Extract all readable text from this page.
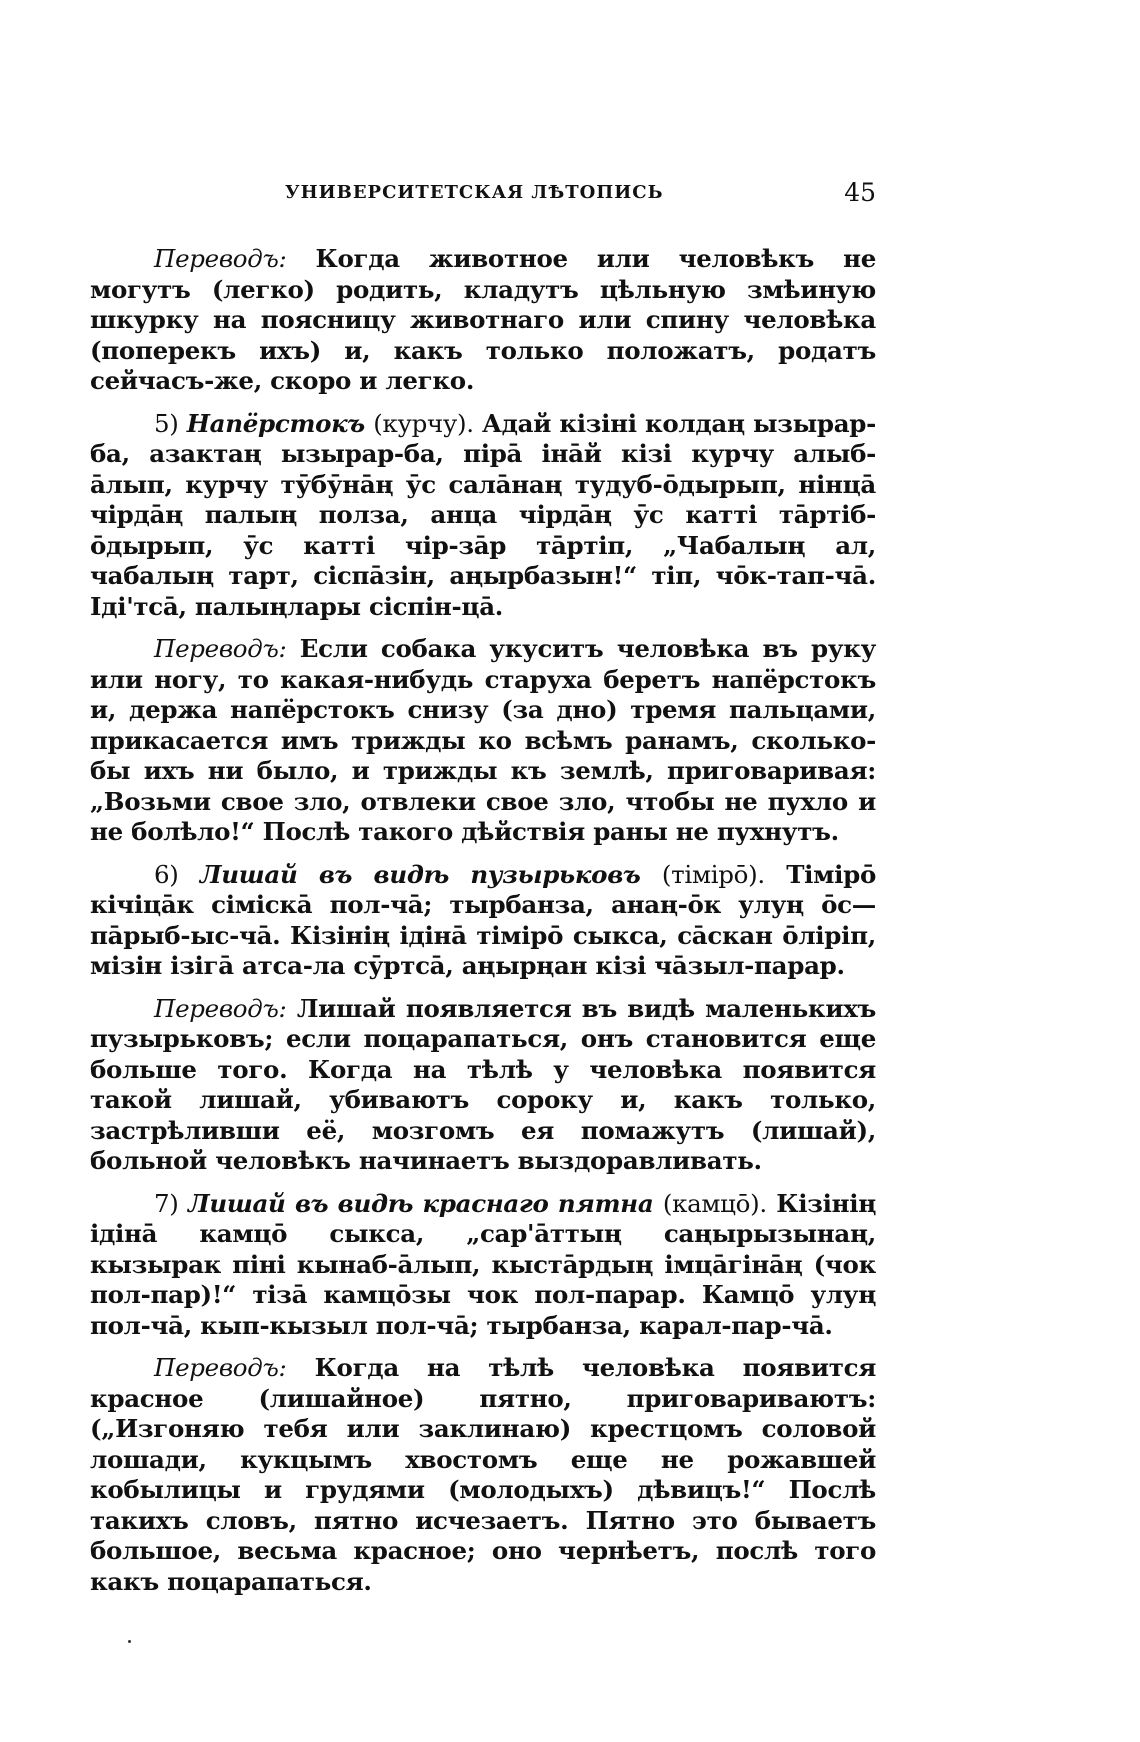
УНИВЕРСИТЕТСКАЯ ЛѢТОПИСЬ	45

Переводъ: Когда животное или человѣкъ не могутъ (легко) родить, кладутъ цѣльную змѣиную шкурку на поясницу животнаго или спину человѣка (поперекъ ихъ) и, какъ только положатъ, родатъ сейчасъ-же, скоро и легко.

5) Напёрстокъ (курчу). Адай кізіні колдаң ызырар-ба, азактаң ызырар-ба, пірā інāй кізі курчу алыб-āлып, курчу тӯбӯнāң ӯс салāнаң тудуб-ōдырып, нінцā чірдāң палың полза, анца чірдāң ӯс каттi тāртiб-ōдырып, ӯс каттi чір-зāр тāртiп, „Чабалың ал, чабалың тарт, сiспāзiн, аңырбазын!“ тiп, чōк-тап-чā. Iдi'тсā, палыңлары сiспiн-цā.

Переводъ: Если собака укуситъ человѣка въ руку или ногу, то какая-нибудь старуха беретъ напёрстокъ и, держа напёрстокъ снизу (за дно) тремя пальцами, прикасается имъ трижды ко всѣмъ ранамъ, сколько-бы ихъ ни было, и трижды къ землѣ, приговаривая: „Возьми свое зло, отвлеки свое зло, чтобы не пухло и не болѣло!“ Послѣ такого дѣйствія раны не пухнутъ.

6) Лишай въ видѣ пузырьковъ (тiмiрō). Тiмiрō кiчiцāк сiмiскā пол-чā; тырбанза, анаң-ōк улуң ōс—пāрыб-ыс-чā. Кiзiнiң iдiнā тiмiрō сыкса, сāскан ōлiрiп, мiзiн iзiгā атса-ла сӯртсā, аңырңан кiзi чāзыл-парар.

Переводъ: Лишай появляется въ видѣ маленькихъ пузырьковъ; если поцарапаться, онъ становится еще больше того. Когда на тѣлѣ у человѣка появится такой лишай, убиваютъ сороку и, какъ только, застрѣливши её, мозгомъ ея помажутъ (лишай), больной человѣкъ начинаетъ выздоравливать.

7) Лишай въ видѣ краснаго пятна (камцō). Кiзiнiң iдiнā камцō сыкса, „сар'āттың саңырызынаң, кызырак пiнi кынаб-āлып, кыстāрдың iмцāгiнāң (чок пол-пар)!“ тiзā камцōзы чок пол-парар. Камцō улуң пол-чā, кып-кызыл пол-чā; тырбанза, карал-пар-чā.

Переводъ: Когда на тѣлѣ человѣка появится красное (лишайное) пятно, приговариваютъ: („Изгоняю тебя или заклинаю) крестцомъ соловой лошади, кукцымъ хвостомъ еще не рожавшей кобылицы и грудями (молодыхъ) дѣвицъ!“ Послѣ такихъ словъ, пятно исчезаетъ. Пятно это бываетъ большое, весьма красное; оно чернѣетъ, послѣ того какъ поцарапаться.
